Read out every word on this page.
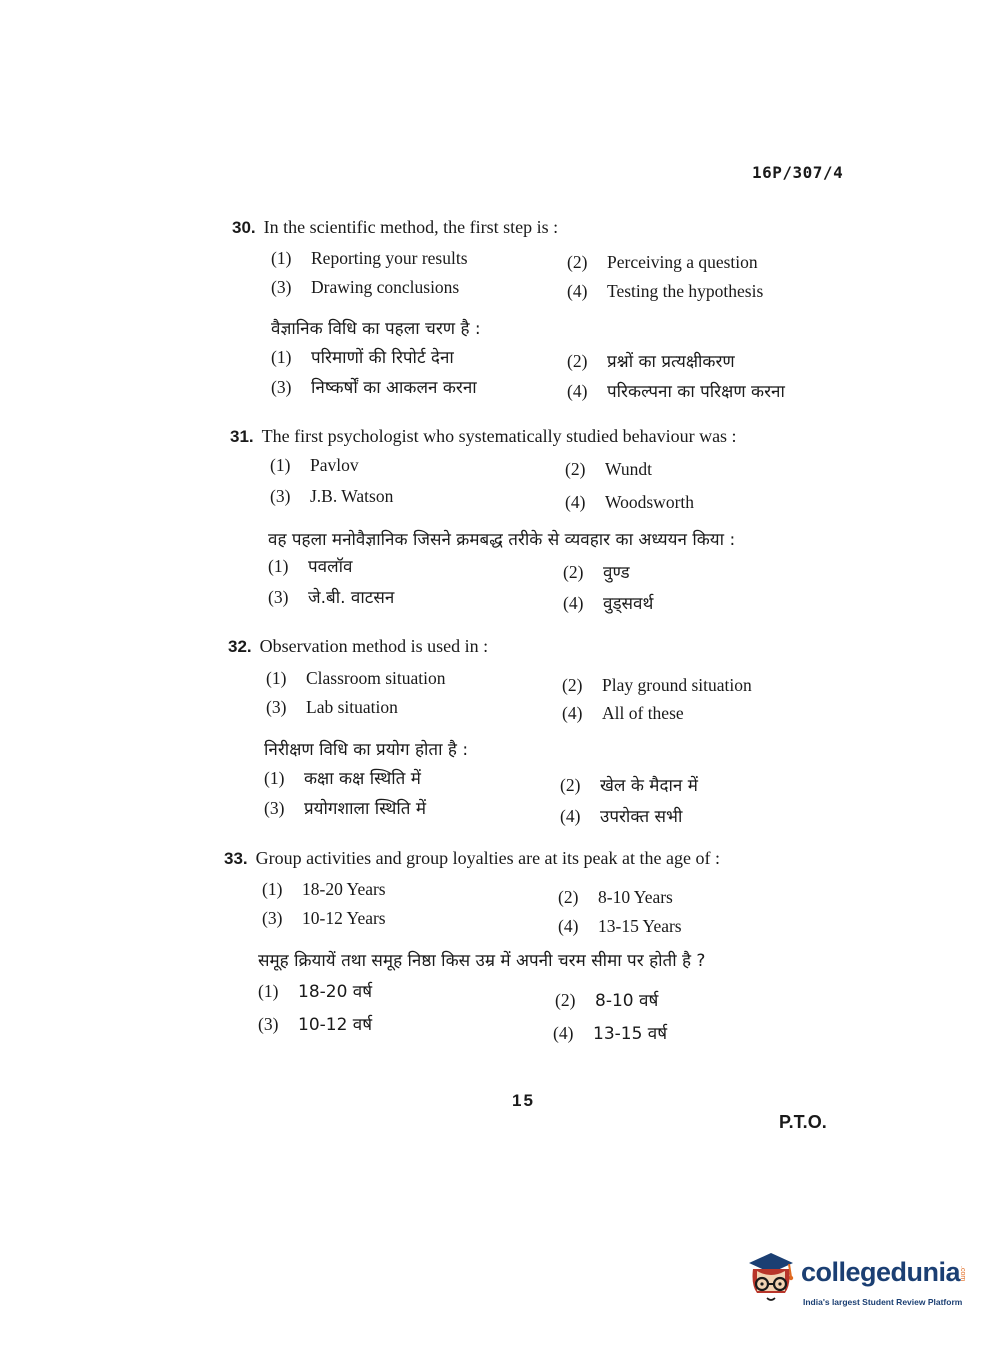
16P/307/4
30. In the scientific method, the first step is :
(1) Reporting your results	(2) Perceiving a question
(3) Drawing conclusions	(4) Testing the hypothesis
वैज्ञानिक विधि का पहला चरण है :
(1) परिमाणों की रिपोर्ट देना	(2) प्रश्नों का प्रत्यक्षीकरण
(3) निष्कर्षों का आकलन करना	(4) परिकल्पना का परिक्षण करना
31. The first psychologist who systematically studied behaviour was :
(1) Pavlov	(2) Wundt
(3) J.B. Watson	(4) Woodsworth
वह पहला मनोवैज्ञानिक जिसने क्रमबद्ध तरीके से व्यवहार का अध्ययन किया :
(1) पवलॉव	(2) वुण्ड
(3) जे.बी. वाटसन	(4) वुड्सवर्थ
32. Observation method is used in :
(1) Classroom situation	(2) Play ground situation
(3) Lab situation	(4) All of these
निरीक्षण विधि का प्रयोग होता है :
(1) कक्षा कक्ष स्थिति में	(2) खेल के मैदान में
(3) प्रयोगशाला स्थिति में	(4) उपरोक्त सभी
33. Group activities and group loyalties are at its peak at the age of :
(1) 18-20 Years	(2) 8-10 Years
(3) 10-12 Years	(4) 13-15 Years
समूह क्रियायें तथा समूह निष्ठा किस उम्र में अपनी चरम सीमा पर होती है ?
(1) 18-20 वर्ष	(2) 8-10 वर्ष
(3) 10-12 वर्ष	(4) 13-15 वर्ष
15
P.T.O.
collegedunia
.com
India's largest Student Review Platform
